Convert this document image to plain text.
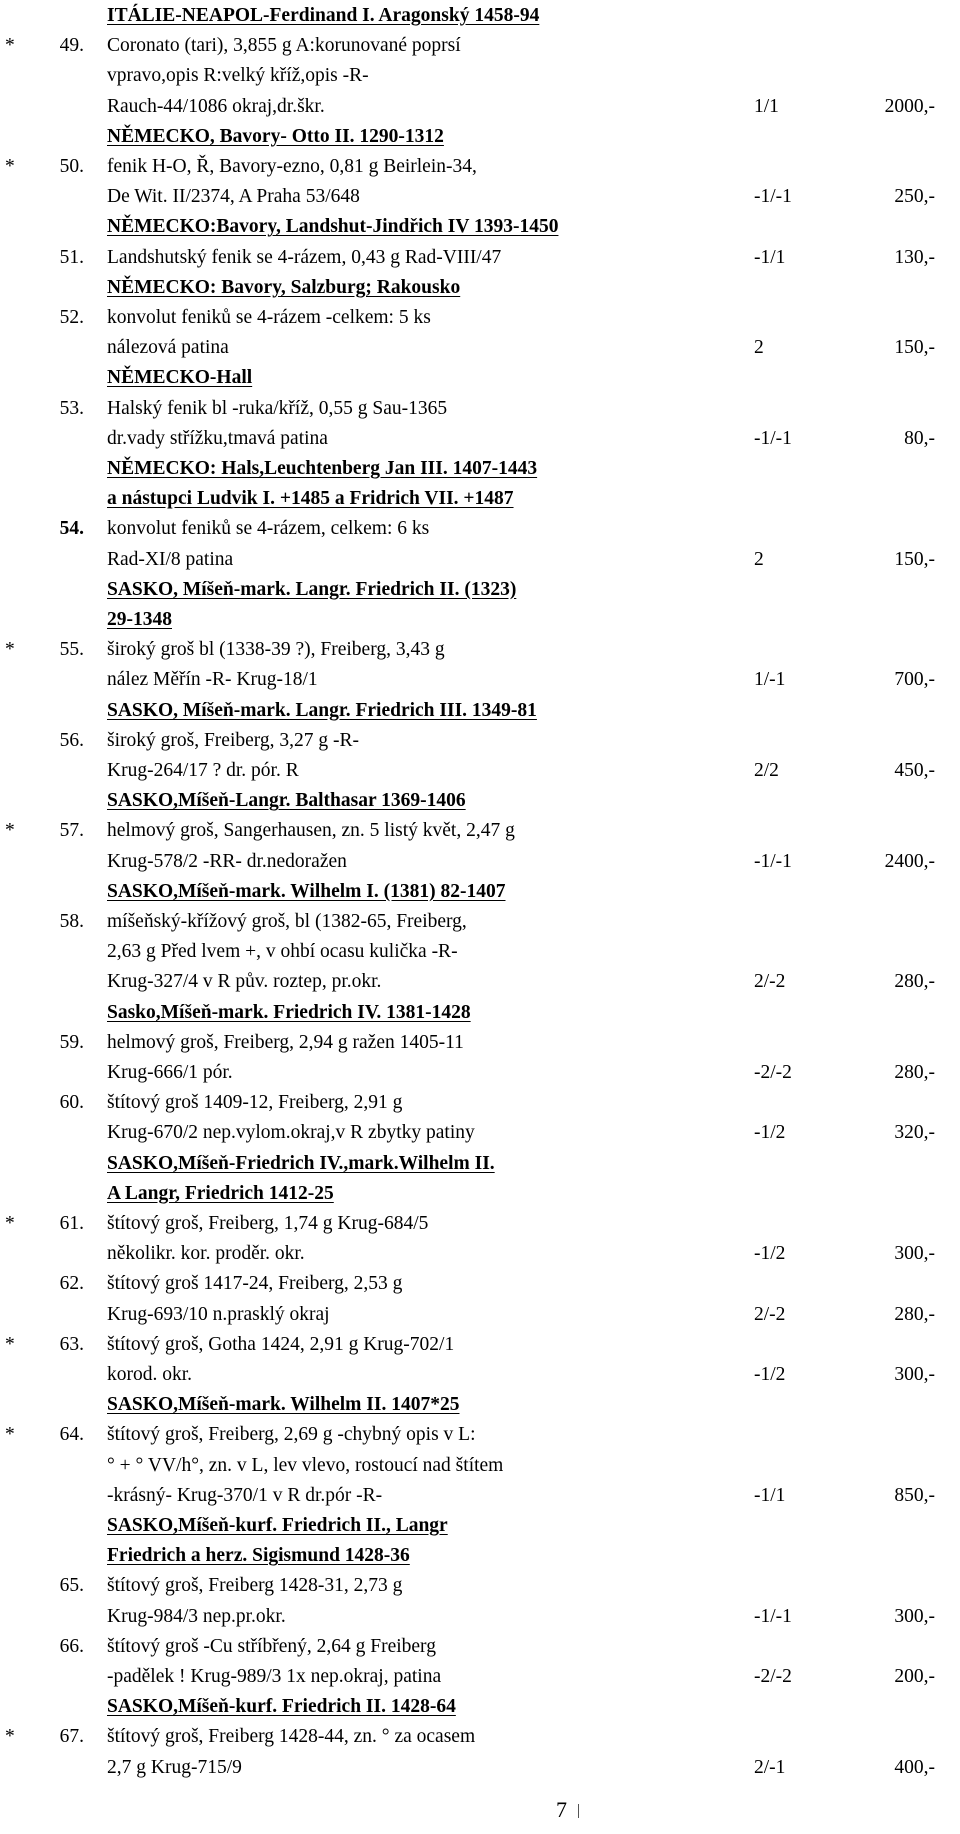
ITÁLIE-NEAPOL-Ferdinand I. Aragonský 1458-94
*	49. Coronato (tari), 3,855 g A:korunované poprsí
vpravo,opis R:velký kříž,opis -R-
Rauch-44/1086 okraj,dr.škr.	1/1	2000,-
NĚMECKO, Bavory- Otto II. 1290-1312
*	50. fenik H-O, Ř, Bavory-ezno, 0,81 g Beirlein-34,
De Wit. II/2374, A Praha 53/648	-1/-1	250,-
NĚMECKO:Bavory, Landshut-Jindřich IV 1393-1450
51. Landshutský fenik se 4-rázem, 0,43 g Rad-VIII/47	-1/1	130,-
NĚMECKO: Bavory, Salzburg; Rakousko
52. konvolut feniků se 4-rázem -celkem: 5 ks
nálezová patina	2	150,-
NĚMECKO-Hall
53. Halský fenik bl -ruka/kříž, 0,55 g Sau-1365
dr.vady střížku,tmavá patina	-1/-1	80,-
NĚMECKO: Hals,Leuchtenberg Jan III. 1407-1443
a nástupci Ludvik I. +1485 a Fridrich VII. +1487
54. konvolut feniků se 4-rázem, celkem: 6 ks
Rad-XI/8 patina	2	150,-
SASKO, Míšeň-mark. Langr. Friedrich II. (1323)
29-1348
*	55. široký groš bl (1338-39 ?), Freiberg, 3,43 g
nález Měřín -R- Krug-18/1	1/-1	700,-
SASKO, Míšeň-mark. Langr. Friedrich III. 1349-81
56. široký groš, Freiberg, 3,27 g -R-
Krug-264/17 ? dr. pór. R	2/2	450,-
SASKO,Míšeň-Langr. Balthasar 1369-1406
*	57. helmový groš, Sangerhausen, zn. 5 listý květ, 2,47 g
Krug-578/2 -RR- dr.nedoražen	-1/-1	2400,-
SASKO,Míšeň-mark. Wilhelm I. (1381) 82-1407
58. míšeňský-křížový groš, bl (1382-65, Freiberg,
2,63 g Před lvem +, v ohbí ocasu kulička -R-
Krug-327/4 v R pův. roztep, pr.okr.	2/-2	280,-
Sasko,Míšeň-mark. Friedrich IV. 1381-1428
59. helmový groš, Freiberg, 2,94 g ražen 1405-11
Krug-666/1 pór.	-2/-2	280,-
60. štítový groš 1409-12, Freiberg, 2,91 g
Krug-670/2 nep.vylom.okraj,v R zbytky patiny	-1/2	320,-
SASKO,Míšeň-Friedrich IV.,mark.Wilhelm II.
A Langr, Friedrich 1412-25
*	61. štítový groš, Freiberg, 1,74 g Krug-684/5
několikr. kor. proděr. okr.	-1/2	300,-
62. štítový groš 1417-24, Freiberg, 2,53 g
Krug-693/10 n.prasklý okraj	2/-2	280,-
*	63. štítový groš, Gotha 1424, 2,91 g Krug-702/1
korod. okr.	-1/2	300,-
SASKO,Míšeň-mark. Wilhelm II. 1407*25
*	64. štítový groš, Freiberg, 2,69 g -chybný opis v L:
° + ° VV/h°, zn. v L, lev vlevo, rostoucí nad štítem
-krásný- Krug-370/1 v R dr.pór -R-	-1/1	850,-
SASKO,Míšeň-kurf. Friedrich II., Langr
Friedrich a herz. Sigismund 1428-36
65. štítový groš, Freiberg 1428-31, 2,73 g
Krug-984/3 nep.pr.okr.	-1/-1	300,-
66. štítový groš -Cu stříbřený, 2,64 g Freiberg
-padělek ! Krug-989/3 1x nep.okraj, patina	-2/-2	200,-
SASKO,Míšeň-kurf. Friedrich II. 1428-64
*	67. štítový groš, Freiberg 1428-44, zn. ° za ocasem
2,7 g Krug-715/9	2/-1	400,-
7
